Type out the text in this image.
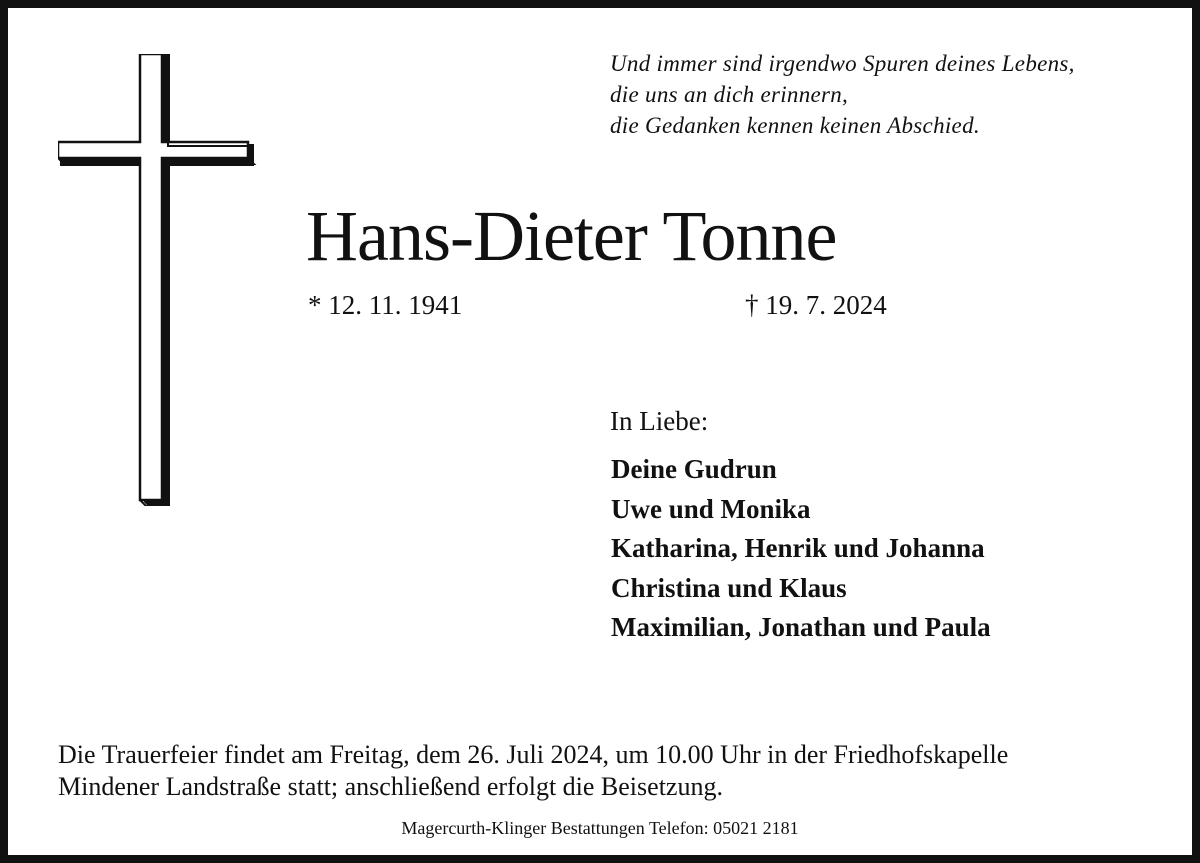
Und immer sind irgendwo Spuren deines Lebens,
die uns an dich erinnern,
die Gedanken kennen keinen Abschied.
Hans-Dieter Tonne
* 12. 11. 1941	† 19. 7. 2024
In Liebe:
Deine Gudrun
Uwe und Monika
Katharina, Henrik und Johanna
Christina und Klaus
Maximilian, Jonathan und Paula
Die Trauerfeier findet am Freitag, dem 26. Juli 2024, um 10.00 Uhr in der Friedhofskapelle
Mindener Landstraße statt; anschließend erfolgt die Beisetzung.
Magercurth-Klinger Bestattungen Telefon: 05021 2181
